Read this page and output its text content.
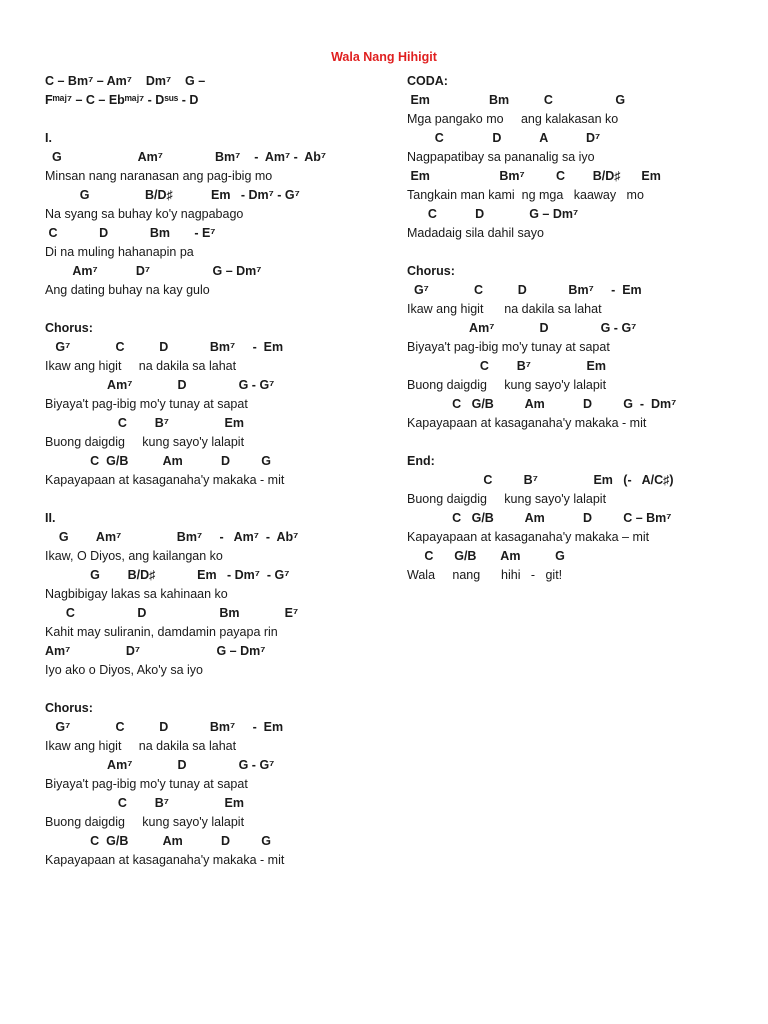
Wala Nang Hihigit
C – Bm⁷ – Am⁷    Dm⁷    G –
Fᵐᵃʲ⁷ – C – Ebᵐᵃʲ⁷ - Dˢᵘˢ - D
I.
G                      Am⁷               Bm⁷    -  Am⁷ -  Ab⁷
Minsan nang naranasan ang pag-ibig mo
G                B/D♯           Em   - Dm⁷ - G⁷
Na syang sa buhay ko'y nagpabago
C            D            Bm       - E⁷
Di na muling hahanapin pa
Am⁷           D⁷                  G – Dm⁷
Ang dating buhay na kay gulo
Chorus:
G⁷             C          D            Bm⁷     -  Em
Ikaw ang higit     na dakila sa lahat
Am⁷             D               G - G⁷
Biyaya't pag-ibig mo'y tunay at sapat
C        B⁷                Em
Buong daigdig     kung sayo'y lalapit
C  G/B          Am           D         G
Kapayapaan at kasaganaha'y makaka - mit
II.
G        Am⁷                Bm⁷     -   Am⁷  -  Ab⁷
Ikaw, O Diyos, ang kailangan ko
G        B/D♯            Em   - Dm⁷  - G⁷
Nagbibigay lakas sa kahinaan ko
C                  D                     Bm             E⁷
Kahit may suliranin, damdamin payapa rin
Am⁷                D⁷                      G – Dm⁷
Iyo ako o Diyos, Ako'y sa iyo
Chorus:
G⁷             C          D            Bm⁷     -  Em
Ikaw ang higit     na dakila sa lahat
Am⁷             D               G - G⁷
Biyaya't pag-ibig mo'y tunay at sapat
C        B⁷                Em
Buong daigdig     kung sayo'y lalapit
C  G/B          Am           D         G
Kapayapaan at kasaganaha'y makaka - mit
CODA:
Em                 Bm          C                  G
Mga pangako mo     ang kalakasan ko
C              D           A           D⁷
Nagpapatibay sa pananalig sa iyo
Em                    Bm⁷         C        B/D♯      Em
Tangkain man kami  ng mga   kaaway   mo
C           D             G – Dm⁷
Madadaig sila dahil sayo
Chorus:
G⁷             C          D            Bm⁷     -  Em
Ikaw ang higit      na dakila sa lahat
Am⁷             D               G - G⁷
Biyaya't pag-ibig mo'y tunay at sapat
C        B⁷                Em
Buong daigdig     kung sayo'y lalapit
C   G/B         Am           D         G  -  Dm⁷
Kapayapaan at kasaganaha'y makaka - mit
End:
C         B⁷                Em   (-   A/C♯)
Buong daigdig     kung sayo'y lalapit
C   G/B         Am           D         C – Bm⁷
Kapayapaan at kasaganaha'y makaka – mit
C      G/B       Am          G
Wala     nang      hihi   -   git!
